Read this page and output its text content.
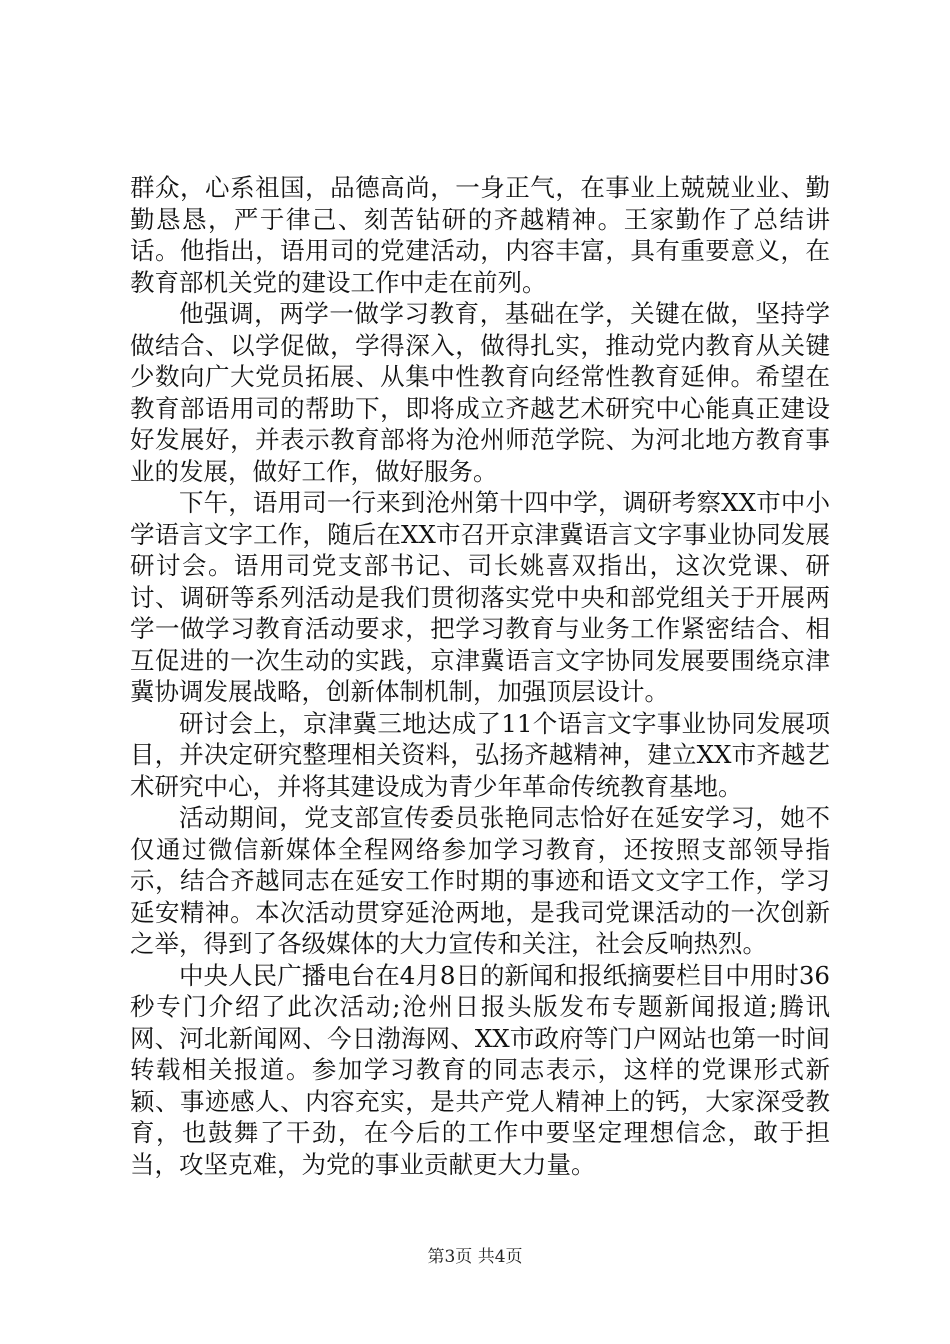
群众，心系祖国，品德高尚，一身正气，在事业上兢兢业业、勤勤恳恳，严于律己、刻苦钻研的齐越精神。王家勤作了总结讲话。他指出，语用司的党建活动，内容丰富，具有重要意义，在教育部机关党的建设工作中走在前列。

他强调，两学一做学习教育，基础在学，关键在做，坚持学做结合、以学促做，学得深入，做得扎实，推动党内教育从关键少数向广大党员拓展、从集中性教育向经常性教育延伸。希望在教育部语用司的帮助下，即将成立齐越艺术研究中心能真正建设好发展好，并表示教育部将为沧州师范学院、为河北地方教育事业的发展，做好工作，做好服务。

下午，语用司一行来到沧州第十四中学，调研考察XX市中小学语言文字工作，随后在XX市召开京津冀语言文字事业协同发展研讨会。语用司党支部书记、司长姚喜双指出，这次党课、研讨、调研等系列活动是我们贯彻落实党中央和部党组关于开展两学一做学习教育活动要求，把学习教育与业务工作紧密结合、相互促进的一次生动的实践，京津冀语言文字协同发展要围绕京津冀协调发展战略，创新体制机制，加强顶层设计。

研讨会上，京津冀三地达成了11个语言文字事业协同发展项目，并决定研究整理相关资料，弘扬齐越精神，建立XX市齐越艺术研究中心，并将其建设成为青少年革命传统教育基地。

活动期间，党支部宣传委员张艳同志恰好在延安学习，她不仅通过微信新媒体全程网络参加学习教育，还按照支部领导指示，结合齐越同志在延安工作时期的事迹和语文文字工作，学习延安精神。本次活动贯穿延沧两地，是我司党课活动的一次创新之举，得到了各级媒体的大力宣传和关注，社会反响热烈。

中央人民广播电台在4月8日的新闻和报纸摘要栏目中用时36秒专门介绍了此次活动;沧州日报头版发布专题新闻报道;腾讯网、河北新闻网、今日渤海网、XX市政府等门户网站也第一时间转载相关报道。参加学习教育的同志表示，这样的党课形式新颖、事迹感人、内容充实，是共产党人精神上的钙，大家深受教育，也鼓舞了干劲，在今后的工作中要坚定理想信念，敢于担当，攻坚克难，为党的事业贡献更大力量。

第3页 共4页
